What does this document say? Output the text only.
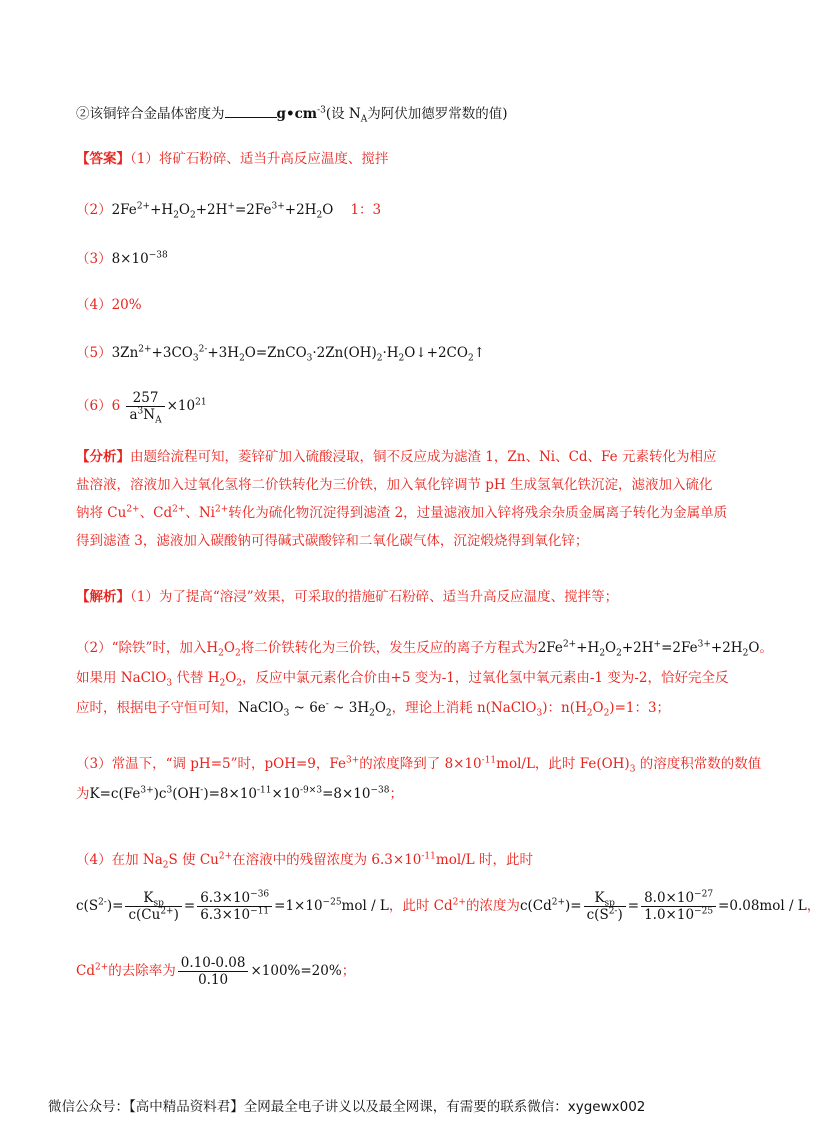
②该铜锌合金晶体密度为	$g•cm^{-3}$(设 $N_A$为阿伏加德罗常数的值)
【答案】（1）将矿石粉碎、适当升高反应温度、搅拌
$(2)2Fe^{2+}+H_2O_2+2H^+=2Fe^{3+}+2H_2O$ 1：3
$(3)8\times 10^{-38}$
（4）20%
$(5)3Zn^{2+}+3CO_3^{2-}+3H_2O=ZnCO_3\cdot 2Zn(OH)_2\cdot H_2O↓+2CO_2↑$
$(6)6 \frac{257}{a^3N_A} \times 10^{21}$
【分析】由题给流程可知，菱锌矿加入硫酸浸取，铜不反应成为滤渣 1，Zn、Ni、Cd、Fe 元素转化为相应
盐溶液，溶液加入过氧化氢将二价铁转化为三价铁，加入氧化锌调节 pH 生成氢氧化铁沉淀，滤液加入硫化
钠将 $Cu^{2+}$、$Cd^{2+}$、$Ni^{2+}$转化为硫化物沉淀得到滤渣 2，过量滤液加入锌将残余杂质金属离子转化为金属单质
得到滤渣 3，滤液加入碳酸钠可得碱式碳酸锌和二氧化碳气体，沉淀煅烧得到氧化锌；
【解析】（1）为了提高“溶浸”效果，可采取的措施矿石粉碎、适当升高反应温度、搅拌等；
（2）“除铁”时，加入$H_2O_2$将二价铁转化为三价铁，发生反应的离子方程式为$2Fe^{2+}+H_2O_2+2H^+=2Fe^{3+}+2H_2O$。
如果用 NaClO$_3$ 代替 $H_2O_2$，反应中氯元素化合价由+5 变为-1，过氧化氢中氧元素由-1 变为-2，恰好完全反
应时，根据电子守恒可知，NaClO$_3$ ~ 6e- ~ $3H_2O_2$，理论上消耗 n(NaClO$_3$)：$n(H_2O_2)=1$：3；
（3）常温下，“调 pH=5”时，pOH=9，$Fe^{3+}$的浓度降到了 $8\times 10^{-11}mol/L$，此时 $Fe(OH)_3$ 的溶度积常数的数值
为$K=c(Fe^{3+})c^3(OH^-)=8\times 10^{-11}\times 10^{-9\times 3}=8\times 10^{-38}$；
（4）在加 $Na_2S$ 使 $Cu^{2+}$在溶液中的残留浓度为 $6.3\times 10^{-11}mol/L$ 时，此时
$c(S^{2-})= \frac{K_{sp}}{c(Cu^{2+})} = \frac{6.3\times 10^{-36}}{6.3\times 10^{-11}} =1\times 10^{-25}mol / L$，此时 $Cd^{2+}$的浓度为$c(Cd^{2+})= \frac{K_{sp}}{c(S^{2-})} = \frac{8.0\times 10^{-27}}{1.0\times 10^{-25}} =0.08mol / L$，
$Cd^{2+}$的去除率为 $\frac{0.10-0.08}{0.10} \times 100\%=20\%$；
微信公众号：【高中精品资料君】全网最全电子讲义以及最全网课，有需要的联系微信：xygewx002
